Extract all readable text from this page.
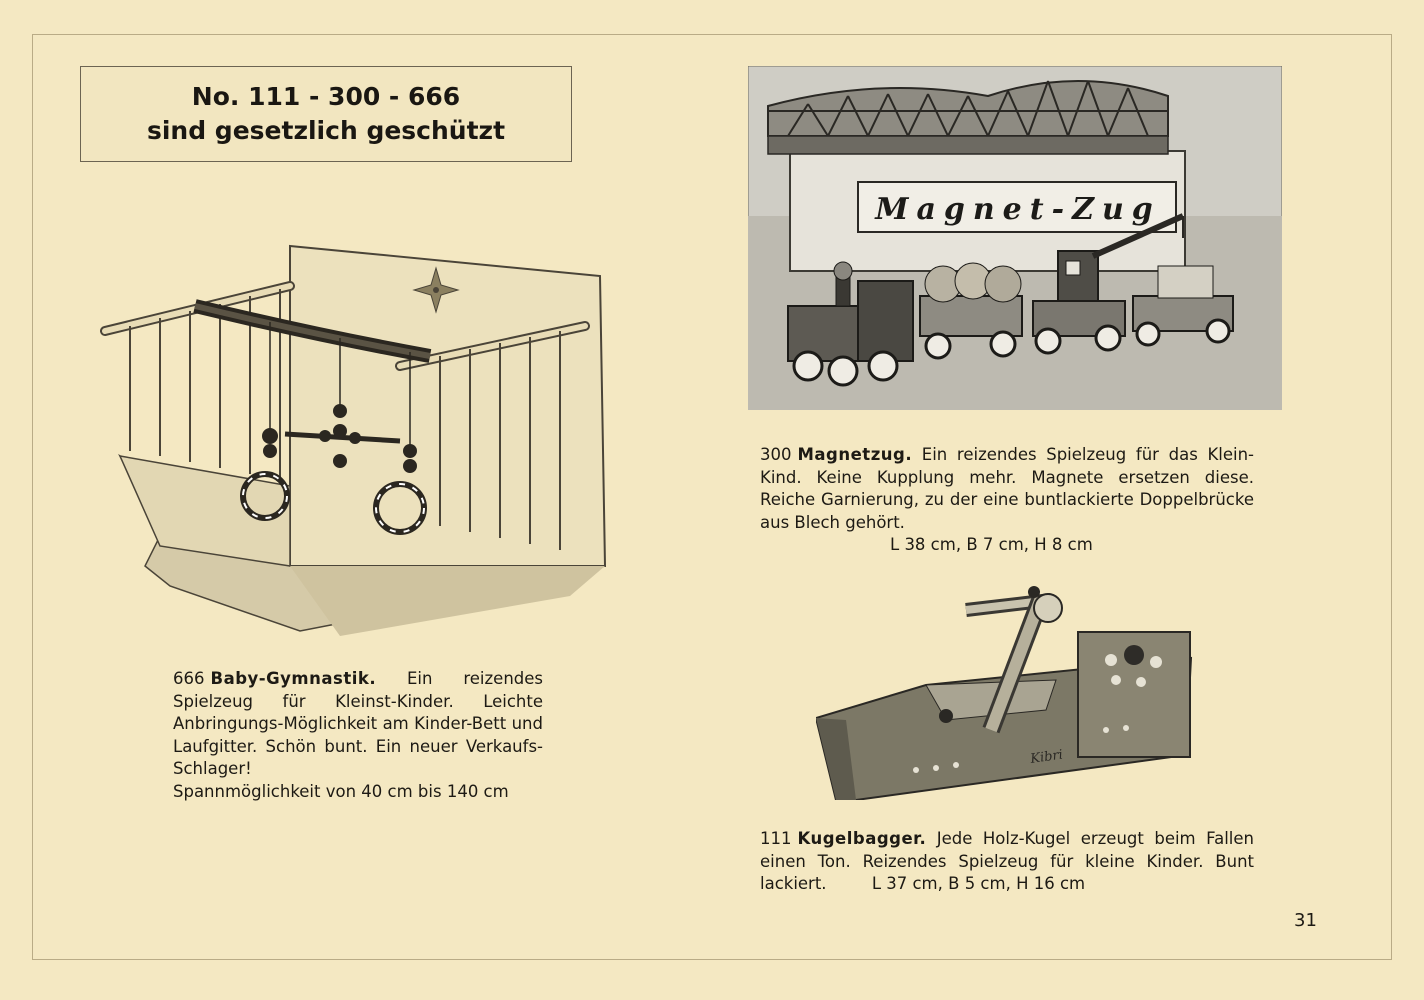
No. 111 - 300 - 666
sind gesetzlich geschützt
Magnet-Zug
Kibri

666 Baby-Gymnastik. Ein reizendes Spielzeug für Kleinst-Kinder. Leichte Anbringungs-Möglichkeit am Kinder-Bett und Laufgitter. Schön bunt. Ein neuer Verkaufs-Schlager!

Spannmöglichkeit von 40 cm bis 140 cm

300 Magnetzug. Ein reizendes Spielzeug für das Klein-Kind. Keine Kupplung mehr. Magnete ersetzen diese. Reiche Garnierung, zu der eine buntlackierte Doppelbrücke aus Blech gehört.

L 38 cm, B 7 cm, H 8 cm

111 Kugelbagger. Jede Holz-Kugel erzeugt beim Fallen einen Ton. Reizendes Spielzeug für kleine Kinder. Bunt lackiert.	L 37 cm, B 5 cm, H 16 cm

31
